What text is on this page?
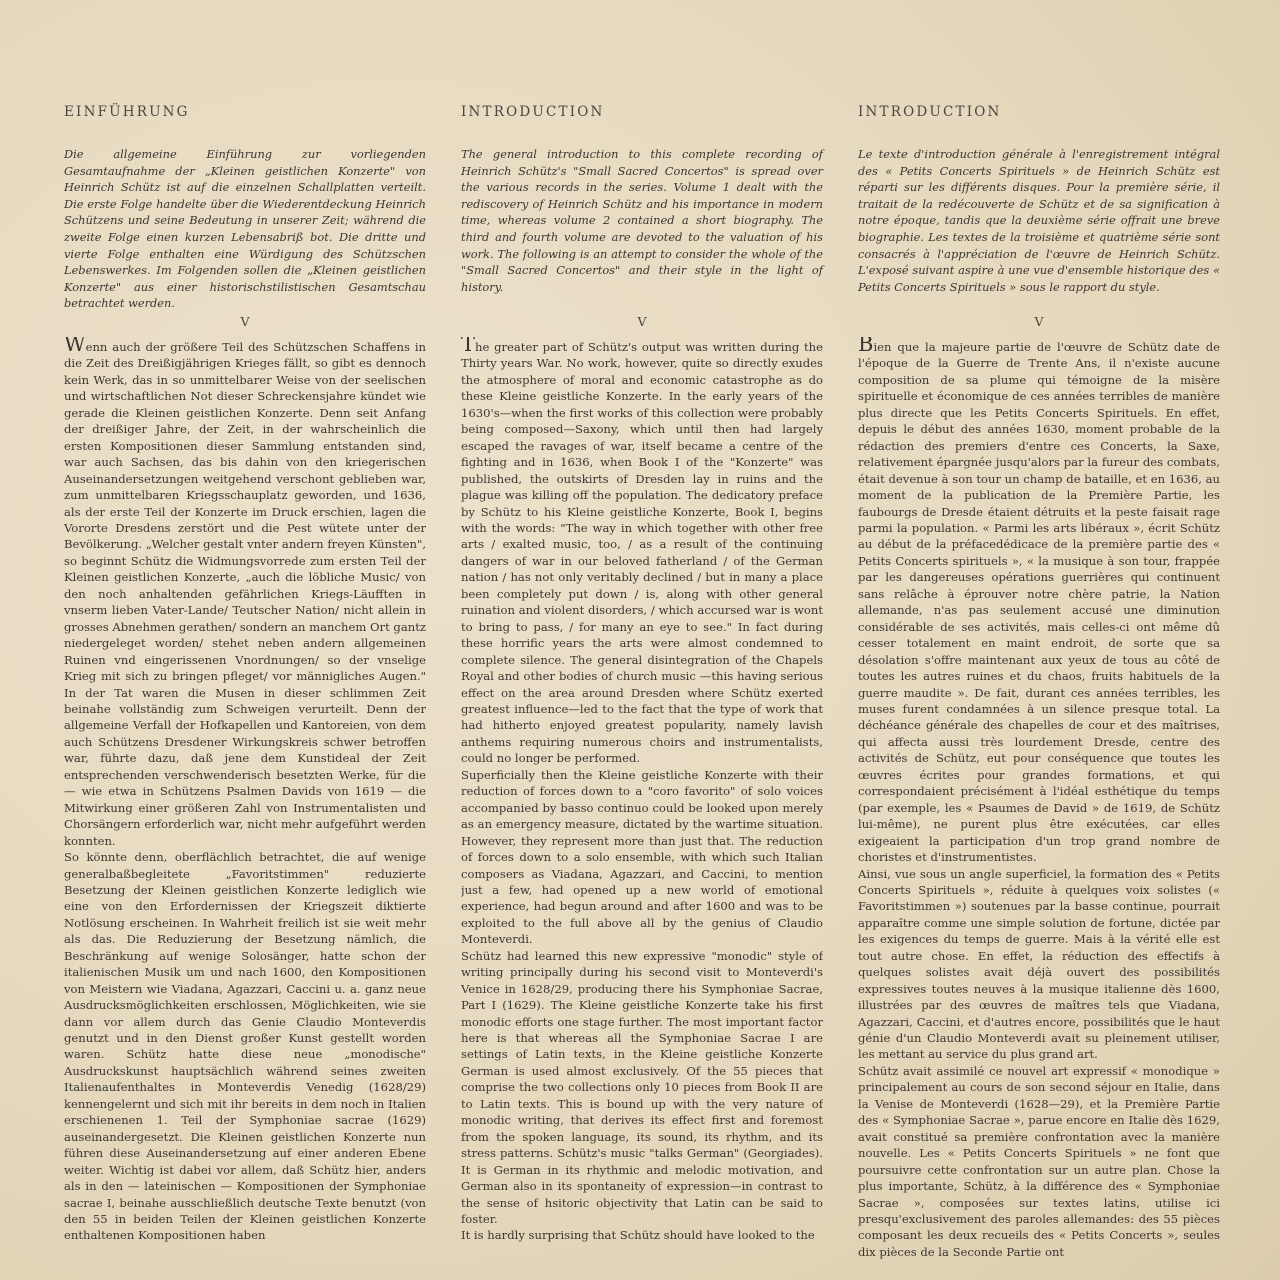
EINFÜHRUNG

Die allgemeine Einführung zur vorliegenden Gesamtaufnahme der „Kleinen geistlichen Konzerte" von Heinrich Schütz ist auf die einzelnen Schallplatten verteilt. Die erste Folge handelte über die Wiederentdeckung Heinrich Schützens und seine Bedeutung in unserer Zeit; während die zweite Folge einen kurzen Lebensabriß bot. Die dritte und vierte Folge enthalten eine Würdigung des Schützschen Lebenswerkes. Im Folgenden sollen die „Kleinen geistlichen Konzerte" aus einer historischstilistischen Gesamtschau betrachtet werden.

V

Wenn auch der größere Teil des Schützschen Schaffens in die Zeit des Dreißigjährigen Krieges fällt, so gibt es dennoch kein Werk, das in so unmittelbarer Weise von der seelischen und wirtschaftlichen Not dieser Schreckensjahre kündet wie gerade die Kleinen geistlichen Konzerte. Denn seit Anfang der dreißiger Jahre, der Zeit, in der wahrscheinlich die ersten Kompositionen dieser Sammlung entstanden sind, war auch Sachsen, das bis dahin von den kriegerischen Auseinandersetzungen weitgehend verschont geblieben war, zum unmittelbaren Kriegsschauplatz geworden, und 1636, als der erste Teil der Konzerte im Druck erschien, lagen die Vororte Dresdens zerstört und die Pest wütete unter der Bevölkerung. „Welcher gestalt vnter andern freyen Künsten", so beginnt Schütz die Widmungsvorrede zum ersten Teil der Kleinen geistlichen Konzerte, „auch die löbliche Music/ von den noch anhaltenden gefährlichen Kriegs-Läufften in vnserm lieben Vater-Lande/ Teutscher Nation/ nicht allein in grosses Abnehmen gerathen/ sondern an manchem Ort gantz niedergeleget worden/ stehet neben andern allgemeinen Ruinen vnd eingerissenen Vnordnungen/ so der vnselige Krieg mit sich zu bringen pfleget/ vor männigliches Augen." In der Tat waren die Musen in dieser schlimmen Zeit beinahe vollständig zum Schweigen verurteilt. Denn der allgemeine Verfall der Hofkapellen und Kantoreien, von dem auch Schützens Dresdener Wirkungskreis schwer betroffen war, führte dazu, daß jene dem Kunstideal der Zeit entsprechenden verschwenderisch besetzten Werke, für die — wie etwa in Schützens Psalmen Davids von 1619 — die Mitwirkung einer größeren Zahl von Instrumentalisten und Chorsängern erforderlich war, nicht mehr aufgeführt werden konnten.

So könnte denn, oberflächlich betrachtet, die auf wenige generalbaßbegleitete „Favoritstimmen" reduzierte Besetzung der Kleinen geistlichen Konzerte lediglich wie eine von den Erfordernissen der Kriegszeit diktierte Notlösung erscheinen. In Wahrheit freilich ist sie weit mehr als das. Die Reduzierung der Besetzung nämlich, die Beschränkung auf wenige Solosänger, hatte schon der italienischen Musik um und nach 1600, den Kompositionen von Meistern wie Viadana, Agazzari, Caccini u. a. ganz neue Ausdrucksmöglichkeiten erschlossen, Möglichkeiten, wie sie dann vor allem durch das Genie Claudio Monteverdis genutzt und in den Dienst großer Kunst gestellt worden waren. Schütz hatte diese neue „monodische" Ausdruckskunst hauptsächlich während seines zweiten Italienaufenthaltes in Monteverdis Venedig (1628/29) kennengelernt und sich mit ihr bereits in dem noch in Italien erschienenen 1. Teil der Symphoniae sacrae (1629) auseinandergesetzt. Die Kleinen geistlichen Konzerte nun führen diese Auseinandersetzung auf einer anderen Ebene weiter. Wichtig ist dabei vor allem, daß Schütz hier, anders als in den — lateinischen — Kompositionen der Symphoniae sacrae I, beinahe ausschließlich deutsche Texte benutzt (von den 55 in beiden Teilen der Kleinen geistlichen Konzerte enthaltenen Kompositionen haben

INTRODUCTION

The general introduction to this complete recording of Heinrich Schütz's "Small Sacred Concertos" is spread over the various records in the series. Volume 1 dealt with the rediscovery of Heinrich Schütz and his importance in modern time, whereas volume 2 contained a short biography. The third and fourth volume are devoted to the valuation of his work. The following is an attempt to consider the whole of the "Small Sacred Concertos" and their style in the light of history.

V

The greater part of Schütz's output was written during the Thirty years War. No work, however, quite so directly exudes the atmosphere of moral and economic catastrophe as do these Kleine geistliche Konzerte. In the early years of the 1630's—when the first works of this collection were probably being composed—Saxony, which until then had largely escaped the ravages of war, itself became a centre of the fighting and in 1636, when Book I of the "Konzerte" was published, the outskirts of Dresden lay in ruins and the plague was killing off the population. The dedicatory preface by Schütz to his Kleine geistliche Konzerte, Book I, begins with the words: "The way in which together with other free arts / exalted music, too, / as a result of the continuing dangers of war in our beloved fatherland / of the German nation / has not only veritably declined / but in many a place been completely put down / is, along with other general ruination and violent disorders, / which accursed war is wont to bring to pass, / for many an eye to see." In fact during these horrific years the arts were almost condemned to complete silence. The general disintegration of the Chapels Royal and other bodies of church music —this having serious effect on the area around Dresden where Schütz exerted greatest influence—led to the fact that the type of work that had hitherto enjoyed greatest popularity, namely lavish anthems requiring numerous choirs and instrumentalists, could no longer be performed.

Superficially then the Kleine geistliche Konzerte with their reduction of forces down to a "coro favorito" of solo voices accompanied by basso continuo could be looked upon merely as an emergency measure, dictated by the wartime situation. However, they represent more than just that. The reduction of forces down to a solo ensemble, with which such Italian composers as Viadana, Agazzari, and Caccini, to mention just a few, had opened up a new world of emotional experience, had begun around and after 1600 and was to be exploited to the full above all by the genius of Claudio Monteverdi.

Schütz had learned this new expressive "monodic" style of writing principally during his second visit to Monteverdi's Venice in 1628/29, producing there his Symphoniae Sacrae, Part I (1629). The Kleine geistliche Konzerte take his first monodic efforts one stage further. The most important factor here is that whereas all the Symphoniae Sacrae I are settings of Latin texts, in the Kleine geistliche Konzerte German is used almost exclusively. Of the 55 pieces that comprise the two collections only 10 pieces from Book II are to Latin texts. This is bound up with the very nature of monodic writing, that derives its effect first and foremost from the spoken language, its sound, its rhythm, and its stress patterns. Schütz's music "talks German" (Georgiades). It is German in its rhythmic and melodic motivation, and German also in its spontaneity of expression—in contrast to the sense of hsitoric objectivity that Latin can be said to foster.

It is hardly surprising that Schütz should have looked to the

INTRODUCTION

Le texte d'introduction générale à l'enregistrement intégral des « Petits Concerts Spirituels » de Heinrich Schütz est réparti sur les différents disques. Pour la première série, il traitait de la redécouverte de Schütz et de sa signification à notre époque, tandis que la deuxième série offrait une breve biographie. Les textes de la troisième et quatrième série sont consacrés à l'appréciation de l'œuvre de Heinrich Schütz. L'exposé suivant aspire à une vue d'ensemble historique des « Petits Concerts Spirituels » sous le rapport du style.

V

Bien que la majeure partie de l'œuvre de Schütz date de l'époque de la Guerre de Trente Ans, il n'existe aucune composition de sa plume qui témoigne de la misère spirituelle et économique de ces années terribles de manière plus directe que les Petits Concerts Spirituels. En effet, depuis le début des années 1630, moment probable de la rédaction des premiers d'entre ces Concerts, la Saxe, relativement épargnée jusqu'alors par la fureur des combats, était devenue à son tour un champ de bataille, et en 1636, au moment de la publication de la Première Partie, les faubourgs de Dresde étaient détruits et la peste faisait rage parmi la population. « Parmi les arts libéraux », écrit Schütz au début de la préfacedédicace de la première partie des « Petits Concerts spirituels », « la musique à son tour, frappée par les dangereuses opérations guerrières qui continuent sans relâche à éprouver notre chère patrie, la Nation allemande, n'as pas seulement accusé une diminution considérable de ses activités, mais celles-ci ont même dû cesser totalement en maint endroit, de sorte que sa désolation s'offre maintenant aux yeux de tous au côté de toutes les autres ruines et du chaos, fruits habituels de la guerre maudite ». De fait, durant ces années terribles, les muses furent condamnées à un silence presque total. La déchéance générale des chapelles de cour et des maîtrises, qui affecta aussi très lourdement Dresde, centre des activités de Schütz, eut pour conséquence que toutes les œuvres écrites pour grandes formations, et qui correspondaient précisément à l'idéal esthétique du temps (par exemple, les « Psaumes de David » de 1619, de Schütz lui-même), ne purent plus être exécutées, car elles exigeaient la participation d'un trop grand nombre de choristes et d'instrumentistes.

Ainsi, vue sous un angle superficiel, la formation des « Petits Concerts Spirituels », réduite à quelques voix solistes (« Favoritstimmen ») soutenues par la basse continue, pourrait apparaître comme une simple solution de fortune, dictée par les exigences du temps de guerre. Mais à la vérité elle est tout autre chose. En effet, la réduction des effectifs à quelques solistes avait déjà ouvert des possibilités expressives toutes neuves à la musique italienne dès 1600, illustrées par des œuvres de maîtres tels que Viadana, Agazzari, Caccini, et d'autres encore, possibilités que le haut génie d'un Claudio Monteverdi avait su pleinement utiliser, les mettant au service du plus grand art.

Schütz avait assimilé ce nouvel art expressif « monodique » principalement au cours de son second séjour en Italie, dans la Venise de Monteverdi (1628—29), et la Première Partie des « Symphoniae Sacrae », parue encore en Italie dès 1629, avait constitué sa première confrontation avec la manière nouvelle. Les « Petits Concerts Spirituels » ne font que poursuivre cette confrontation sur un autre plan. Chose la plus importante, Schütz, à la différence des « Symphoniae Sacrae », composées sur textes latins, utilise ici presqu'exclusivement des paroles allemandes: des 55 pièces composant les deux recueils des « Petits Concerts », seules dix pièces de la Seconde Partie ont
